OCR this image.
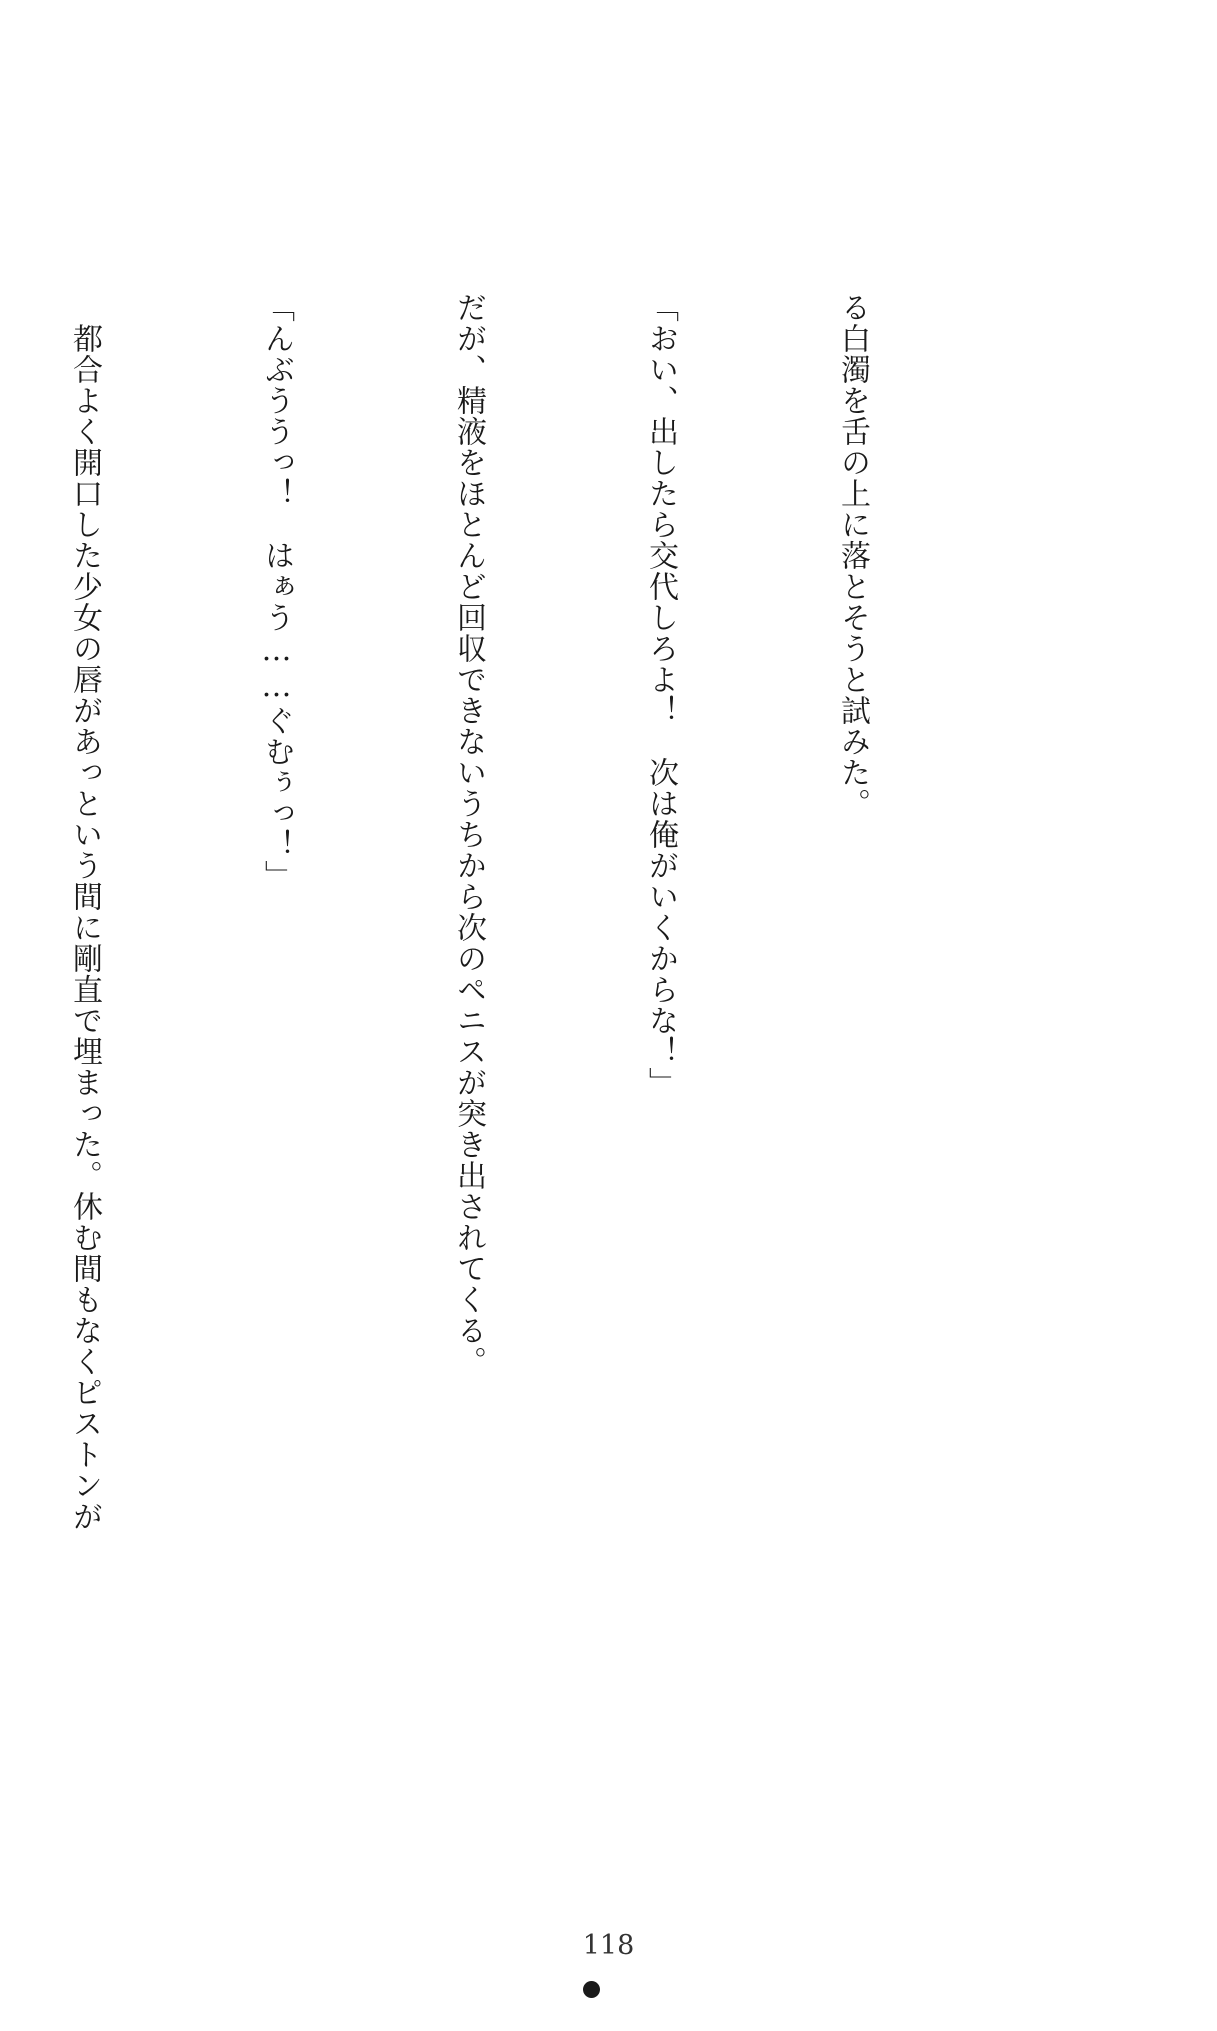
る白濁を舌の上に落とそうと試みた。

「おい、出したら交代しろよ！　次は俺がいくからな！」

だが、精液をほとんど回収できないうちから次のペニスが突き出されてくる。

「んぶううっ！　はぁう……ぐむぅっ！」

　都合よく開口した少女の唇があっという間に剛直で埋まった。休む間もなくピストンが

118
